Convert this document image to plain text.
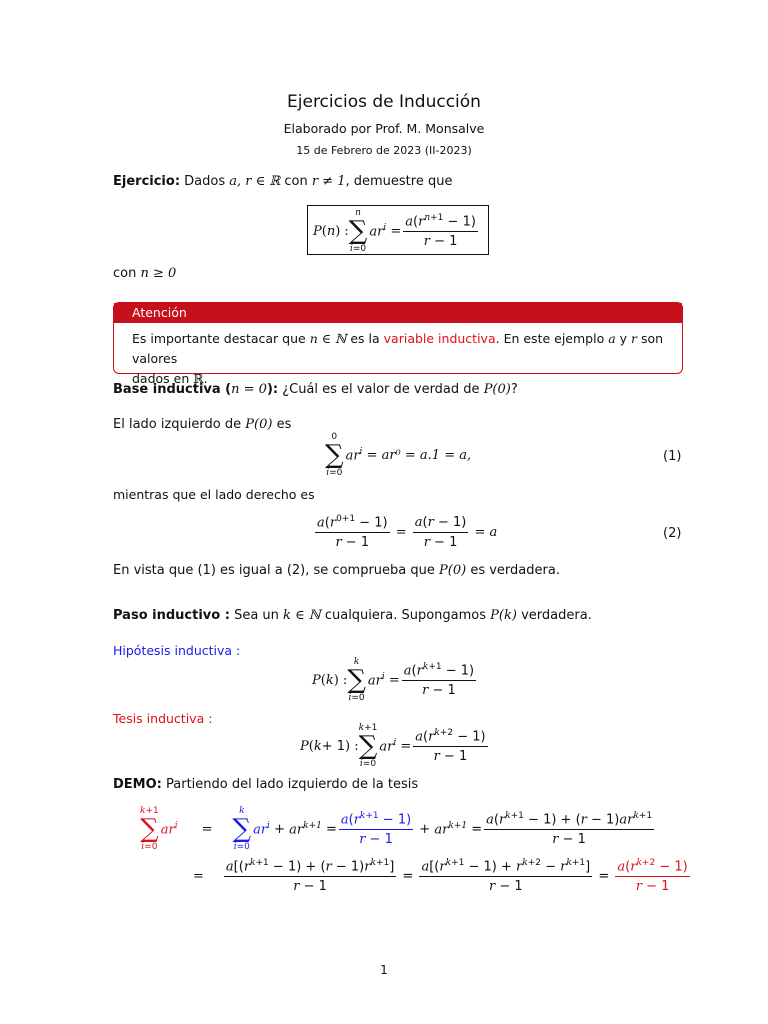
Ejercicios de Inducción
Elaborado por Prof. M. Monsalve
15 de Febrero de 2023 (II-2023)
Ejercicio:
Dados
a, r ∈ ℝ
con
r ≠ 1 , demuestre que
P ( n ) :
n
∑
i=0
$ar^i$
= $\frac{a(r^{n+1} - 1)}{r - 1}$
con
n ≥ 0
Atención
Es importante destacar que n ∈ ℕ es la variable inductiva. En este ejemplo a y r son valores
dados en ℝ.
Base inductiva ( n = 0 ):
¿Cuál es el valor de verdad de
P(0) ?
El lado izquierdo de
P(0)
es
0
∑
i=0
$ar^i$
= ar⁰ = a.1 = a,	(1)
mientras que el lado derecho es
$\frac{a(r^{0+1} - 1)}{r - 1}$
=
$\frac{a(r - 1)}{r - 1}$
=
a	(2)
En vista que (1) es igual a (2), se comprueba que
P(0)
es verdadera.
Paso inductivo :
Sea un
k ∈ ℕ
cualquiera. Supongamos
P(k)
verdadera.
Hipótesis inductiva :
P ( k ) :
k
∑
i=0
$ar^i$
= $\frac{a(r^{k+1} - 1)}{r - 1}$
Tesis inductiva :
P ( k + 1 ) :
k+1
∑
i=0
$ar^i$
= $\frac{a(r^{k+2} - 1)}{r - 1}$
DEMO:
Partiendo del lado izquierdo de la tesis
k+1
∑
i=0
$ar^i$ =
k
∑
i=0
$ar^i + ar^{k+1} = \frac{a(r^{k+1} - 1)}{r - 1} + ar^{k+1} = \frac{a(r^{k+1} - 1) + (r - 1)ar^{k+1}}{r - 1}$
= $\frac{a[(r^{k+1} - 1) + (r - 1)r^{k+1}]}{r - 1} = \frac{a[(r^{k+1} - 1) + r^{k+2} - r^{k+1}]}{r - 1} = \frac{a(r^{k+2} - 1)}{r - 1}$
1
